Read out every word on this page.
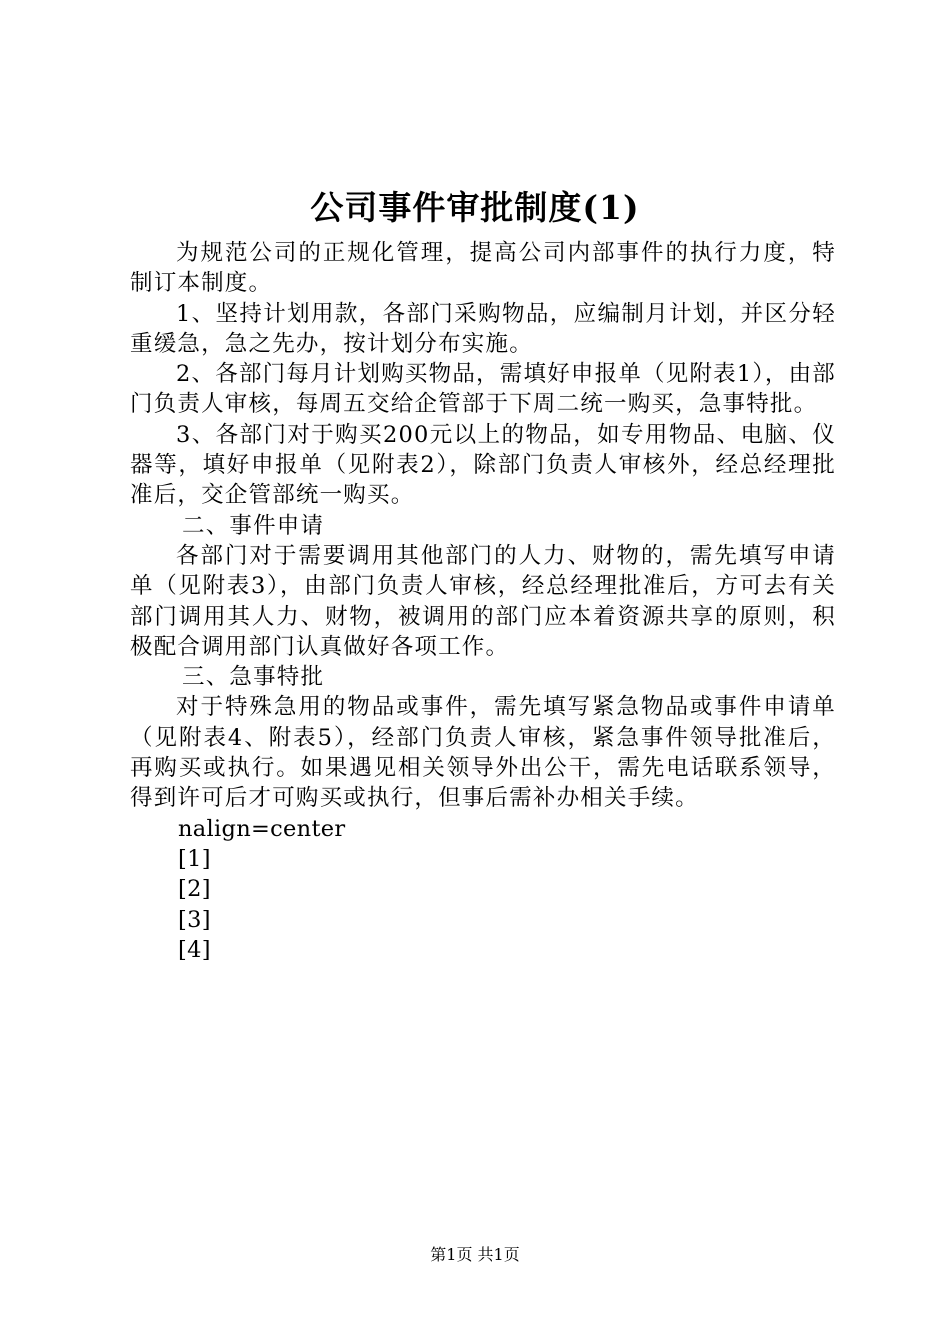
公司事件审批制度(1)

为规范公司的正规化管理，提高公司内部事件的执行力度，特制订本制度。

1、坚持计划用款，各部门采购物品，应编制月计划，并区分轻重缓急，急之先办，按计划分布实施。

2、各部门每月计划购买物品，需填好申报单（见附表1），由部门负责人审核，每周五交给企管部于下周二统一购买，急事特批。

3、各部门对于购买200元以上的物品，如专用物品、电脑、仪器等，填好申报单（见附表2），除部门负责人审核外，经总经理批准后，交企管部统一购买。

二、事件申请

各部门对于需要调用其他部门的人力、财物的，需先填写申请单（见附表3），由部门负责人审核，经总经理批准后，方可去有关部门调用其人力、财物，被调用的部门应本着资源共享的原则，积极配合调用部门认真做好各项工作。

三、急事特批

对于特殊急用的物品或事件，需先填写紧急物品或事件申请单（见附表4、附表5），经部门负责人审核，紧急事件领导批准后，再购买或执行。如果遇见相关领导外出公干，需先电话联系领导，得到许可后才可购买或执行，但事后需补办相关手续。

nalign=center

[1]

[2]

[3]

[4]

第1页 共1页
